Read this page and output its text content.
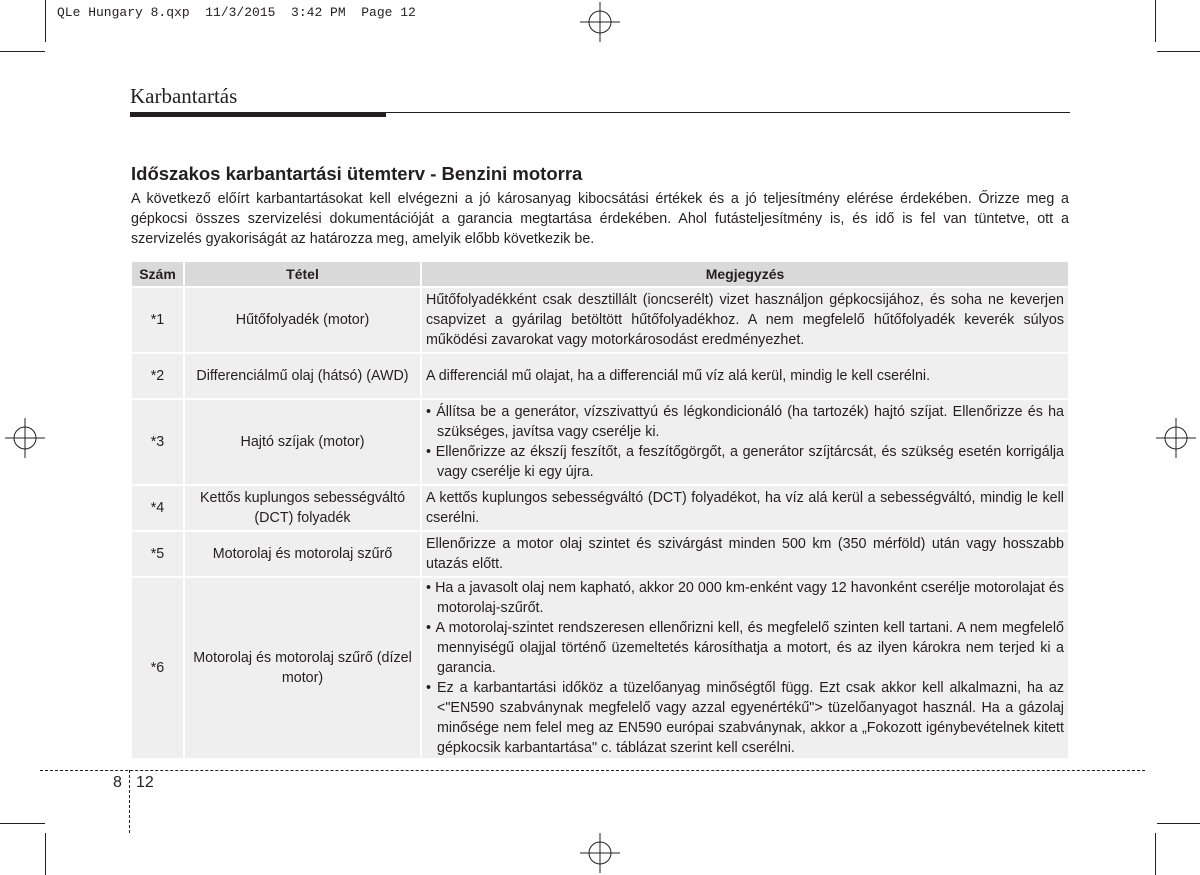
QLe Hungary 8.qxp  11/3/2015  3:42 PM  Page 12
Karbantartás
Időszakos karbantartási ütemterv - Benzini motorra
A következő előírt karbantartásokat kell elvégezni a jó károsanyag kibocsátási értékek és a jó teljesítmény elérése érdekében. Őrizze meg a gépkocsi összes szervizelési dokumentációját a garancia megtartása érdekében. Ahol futásteljesítmény is, és idő is fel van tüntetve, ott a szervizelés gyakoriságát az határozza meg, amelyik előbb következik be.
Szám	Tétel	Megjegyzés
*1	Hűtőfolyadék (motor)	Hűtőfolyadékként csak desztillált (ioncserélt) vizet használjon gépkocsijához, és soha ne keverjen csapvizet a gyárilag betöltött hűtőfolyadékhoz. A nem megfelelő hűtőfolyadék keverék súlyos működési zavarokat vagy motorkárosodást eredményezhet.
*2	Differenciálmű olaj (hátsó) (AWD)	A differenciál mű olajat, ha a differenciál mű víz alá kerül, mindig le kell cserélni.
*3	Hajtó szíjak (motor)	• Állítsa be a generátor, vízszivattyú és légkondicionáló (ha tartozék) hajtó szíjat. Ellenőrizze és ha szükséges, javítsa vagy cserélje ki.
• Ellenőrizze az ékszíj feszítőt, a feszítőgörgőt, a generátor szíjtárcsát, és szükség esetén korrigálja vagy cserélje ki egy újra.

*4	Kettős kuplungos sebességváltó (DCT) folyadék	A kettős kuplungos sebességváltó (DCT) folyadékot, ha víz alá kerül a sebességváltó, mindig le kell cserélni.
*5	Motorolaj és motorolaj szűrő	Ellenőrizze a motor olaj szintet és szivárgást minden 500 km (350 mérföld) után vagy hosszabb utazás előtt.
*6	Motorolaj és motorolaj szűrő (dízel motor)	• Ha a javasolt olaj nem kapható, akkor 20 000 km-enként vagy 12 havonként cserélje motorolajat és motorolaj-szűrőt.
• A motorolaj-szintet rendszeresen ellenőrizni kell, és megfelelő szinten kell tartani. A nem megfelelő mennyiségű olajjal történő üzemeltetés károsíthatja a motort, és az ilyen károkra nem terjed ki a garancia.
• Ez a karbantartási időköz a tüzelőanyag minőségtől függ. Ezt csak akkor kell alkalmazni, ha az <"EN590 szabványnak megfelelő vagy azzal egyenértékű"> tüzelőanyagot használ. Ha a gázolaj minősége nem felel meg az EN590 európai szabványnak, akkor a „Fokozott igénybevételnek kitett gépkocsik karbantartása" c. táblázat szerint kell cserélni.
8 12
